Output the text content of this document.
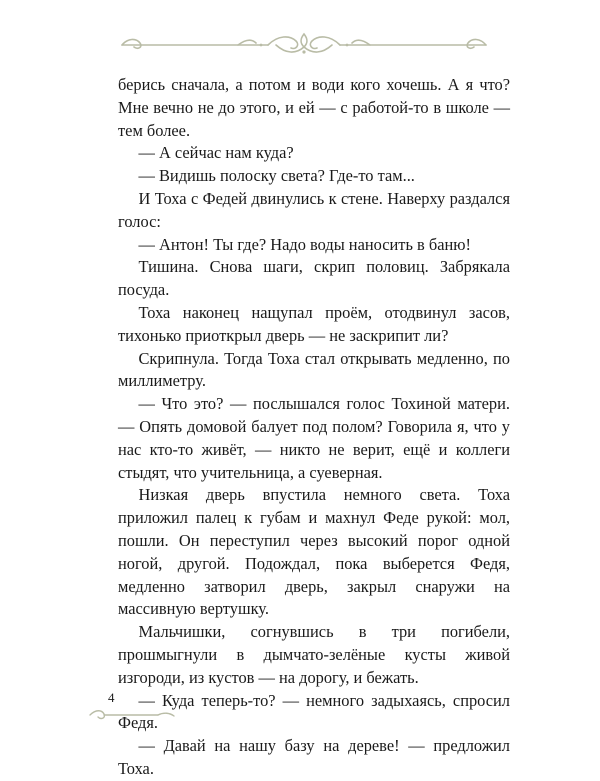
берись сначала, а потом и води кого хочешь. А я что? Мне вечно не до этого, и ей — с работой-то в школе — тем более.

— А сейчас нам куда?

— Видишь полоску света? Где-то там...

И Тоха с Федей двинулись к стене. Наверху раздался голос:

— Антон! Ты где? Надо воды наносить в баню!

Тишина. Снова шаги, скрип половиц. Забрякала посуда.

Тоха наконец нащупал проём, отодвинул засов, тихонько приоткрыл дверь — не заскрипит ли?

Скрипнула. Тогда Тоха стал открывать медленно, по миллиметру.

— Что это? — послышался голос Тохиной матери. — Опять домовой балует под полом? Говорила я, что у нас кто-то живёт, — никто не верит, ещё и коллеги стыдят, что учительница, а суеверная.

Низкая дверь впустила немного света. Тоха приложил палец к губам и махнул Феде рукой: мол, пошли. Он переступил через высокий порог одной ногой, другой. Подождал, пока выберется Федя, медленно затворил дверь, закрыл снаружи на массивную вертушку.

Мальчишки, согнувшись в три погибели, прошмыгнули в дымчато-зелёные кусты живой изгороди, из кустов — на дорогу, и бежать.

— Куда теперь-то? — немного задыхаясь, спросил Федя.

— Давай на нашу базу на дереве! — предложил Тоха.

4
